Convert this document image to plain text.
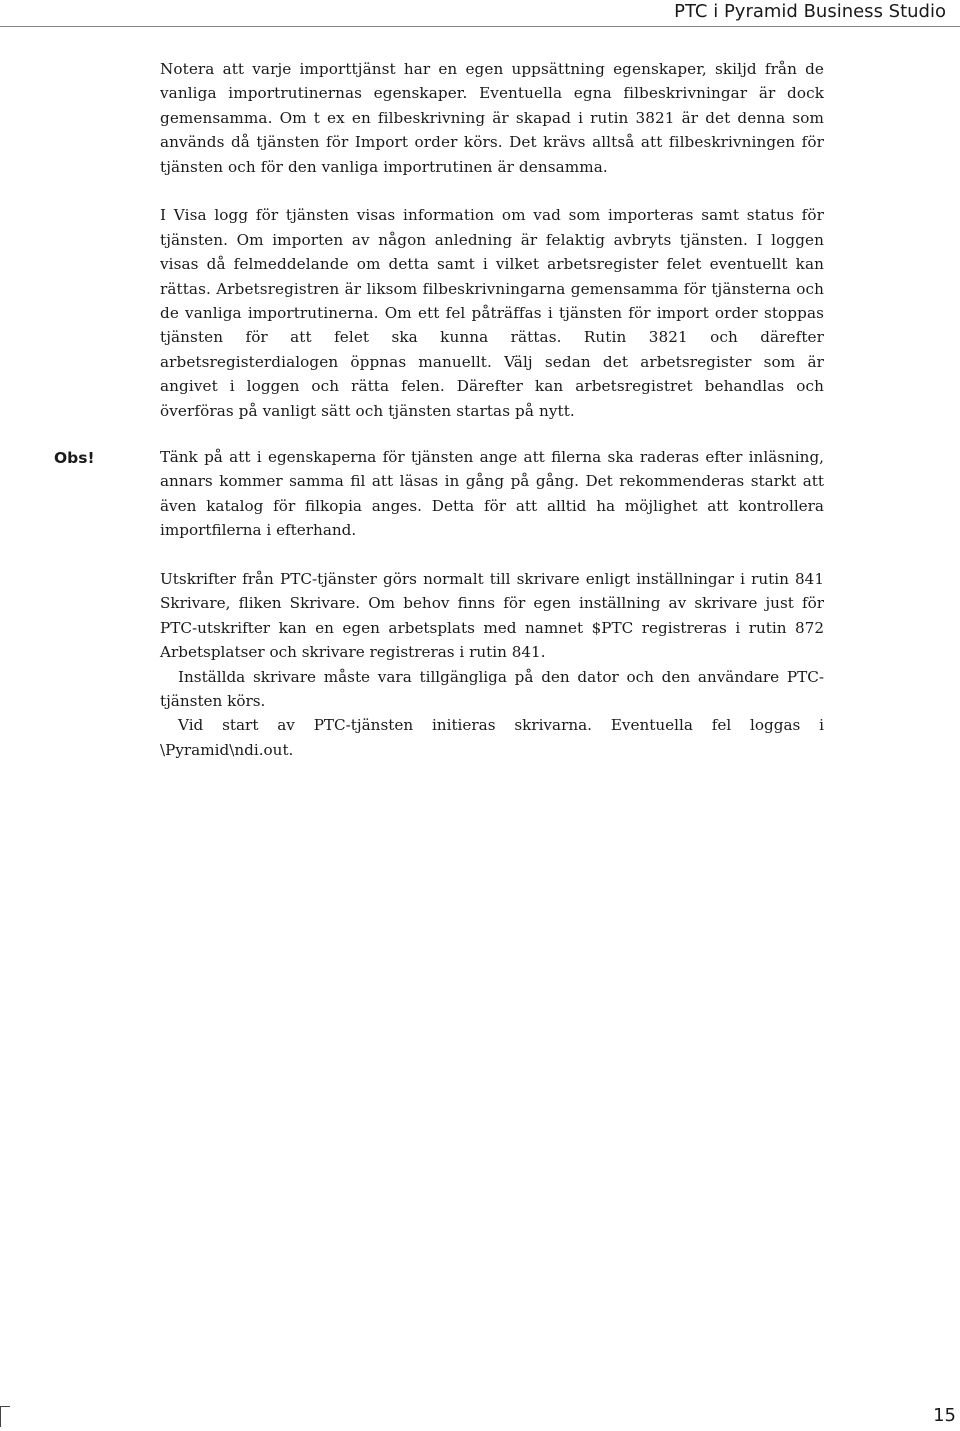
PTC i Pyramid Business Studio

Notera att varje importtjänst har en egen uppsättning egenskaper, skiljd från de vanliga importrutinernas egenskaper. Eventuella egna filbeskrivningar är dock gemensamma. Om t ex en filbeskrivning är skapad i rutin 3821 är det denna som används då tjänsten för Import order körs. Det krävs alltså att filbeskrivningen för tjänsten och för den vanliga importrutinen är densamma.

I Visa logg för tjänsten visas information om vad som importeras samt status för tjänsten. Om importen av någon anledning är felaktig avbryts tjänsten. I loggen visas då felmeddelande om detta samt i vilket arbetsregister felet eventuellt kan rättas. Arbetsregistren är liksom filbeskrivningarna gemensamma för tjänsterna och de vanliga importrutinerna. Om ett fel påträffas i tjänsten för import order stoppas tjänsten för att felet ska kunna rättas. Rutin 3821 och därefter arbetsregisterdialogen öppnas manuellt. Välj sedan det arbetsregister som är angivet i loggen och rätta felen. Därefter kan arbetsregistret behandlas och överföras på vanligt sätt och tjänsten startas på nytt.

Obs!	Tänk på att i egenskaperna för tjänsten ange att filerna ska raderas efter inläsning, annars kommer samma fil att läsas in gång på gång. Det rekommenderas starkt att även katalog för filkopia anges. Detta för att alltid ha möjlighet att kontrollera importfilerna i efterhand.

Utskrifter från PTC-tjänster görs normalt till skrivare enligt inställningar i rutin 841 Skrivare, fliken Skrivare. Om behov finns för egen inställning av skrivare just för PTC-utskrifter kan en egen arbetsplats med namnet $PTC registreras i rutin 872 Arbetsplatser och skrivare registreras i rutin 841.

Inställda skrivare måste vara tillgängliga på den dator och den användare PTC-tjänsten körs.

Vid start av PTC-tjänsten initieras skrivarna. Eventuella fel loggas i \Pyramid\ndi.out.

15
